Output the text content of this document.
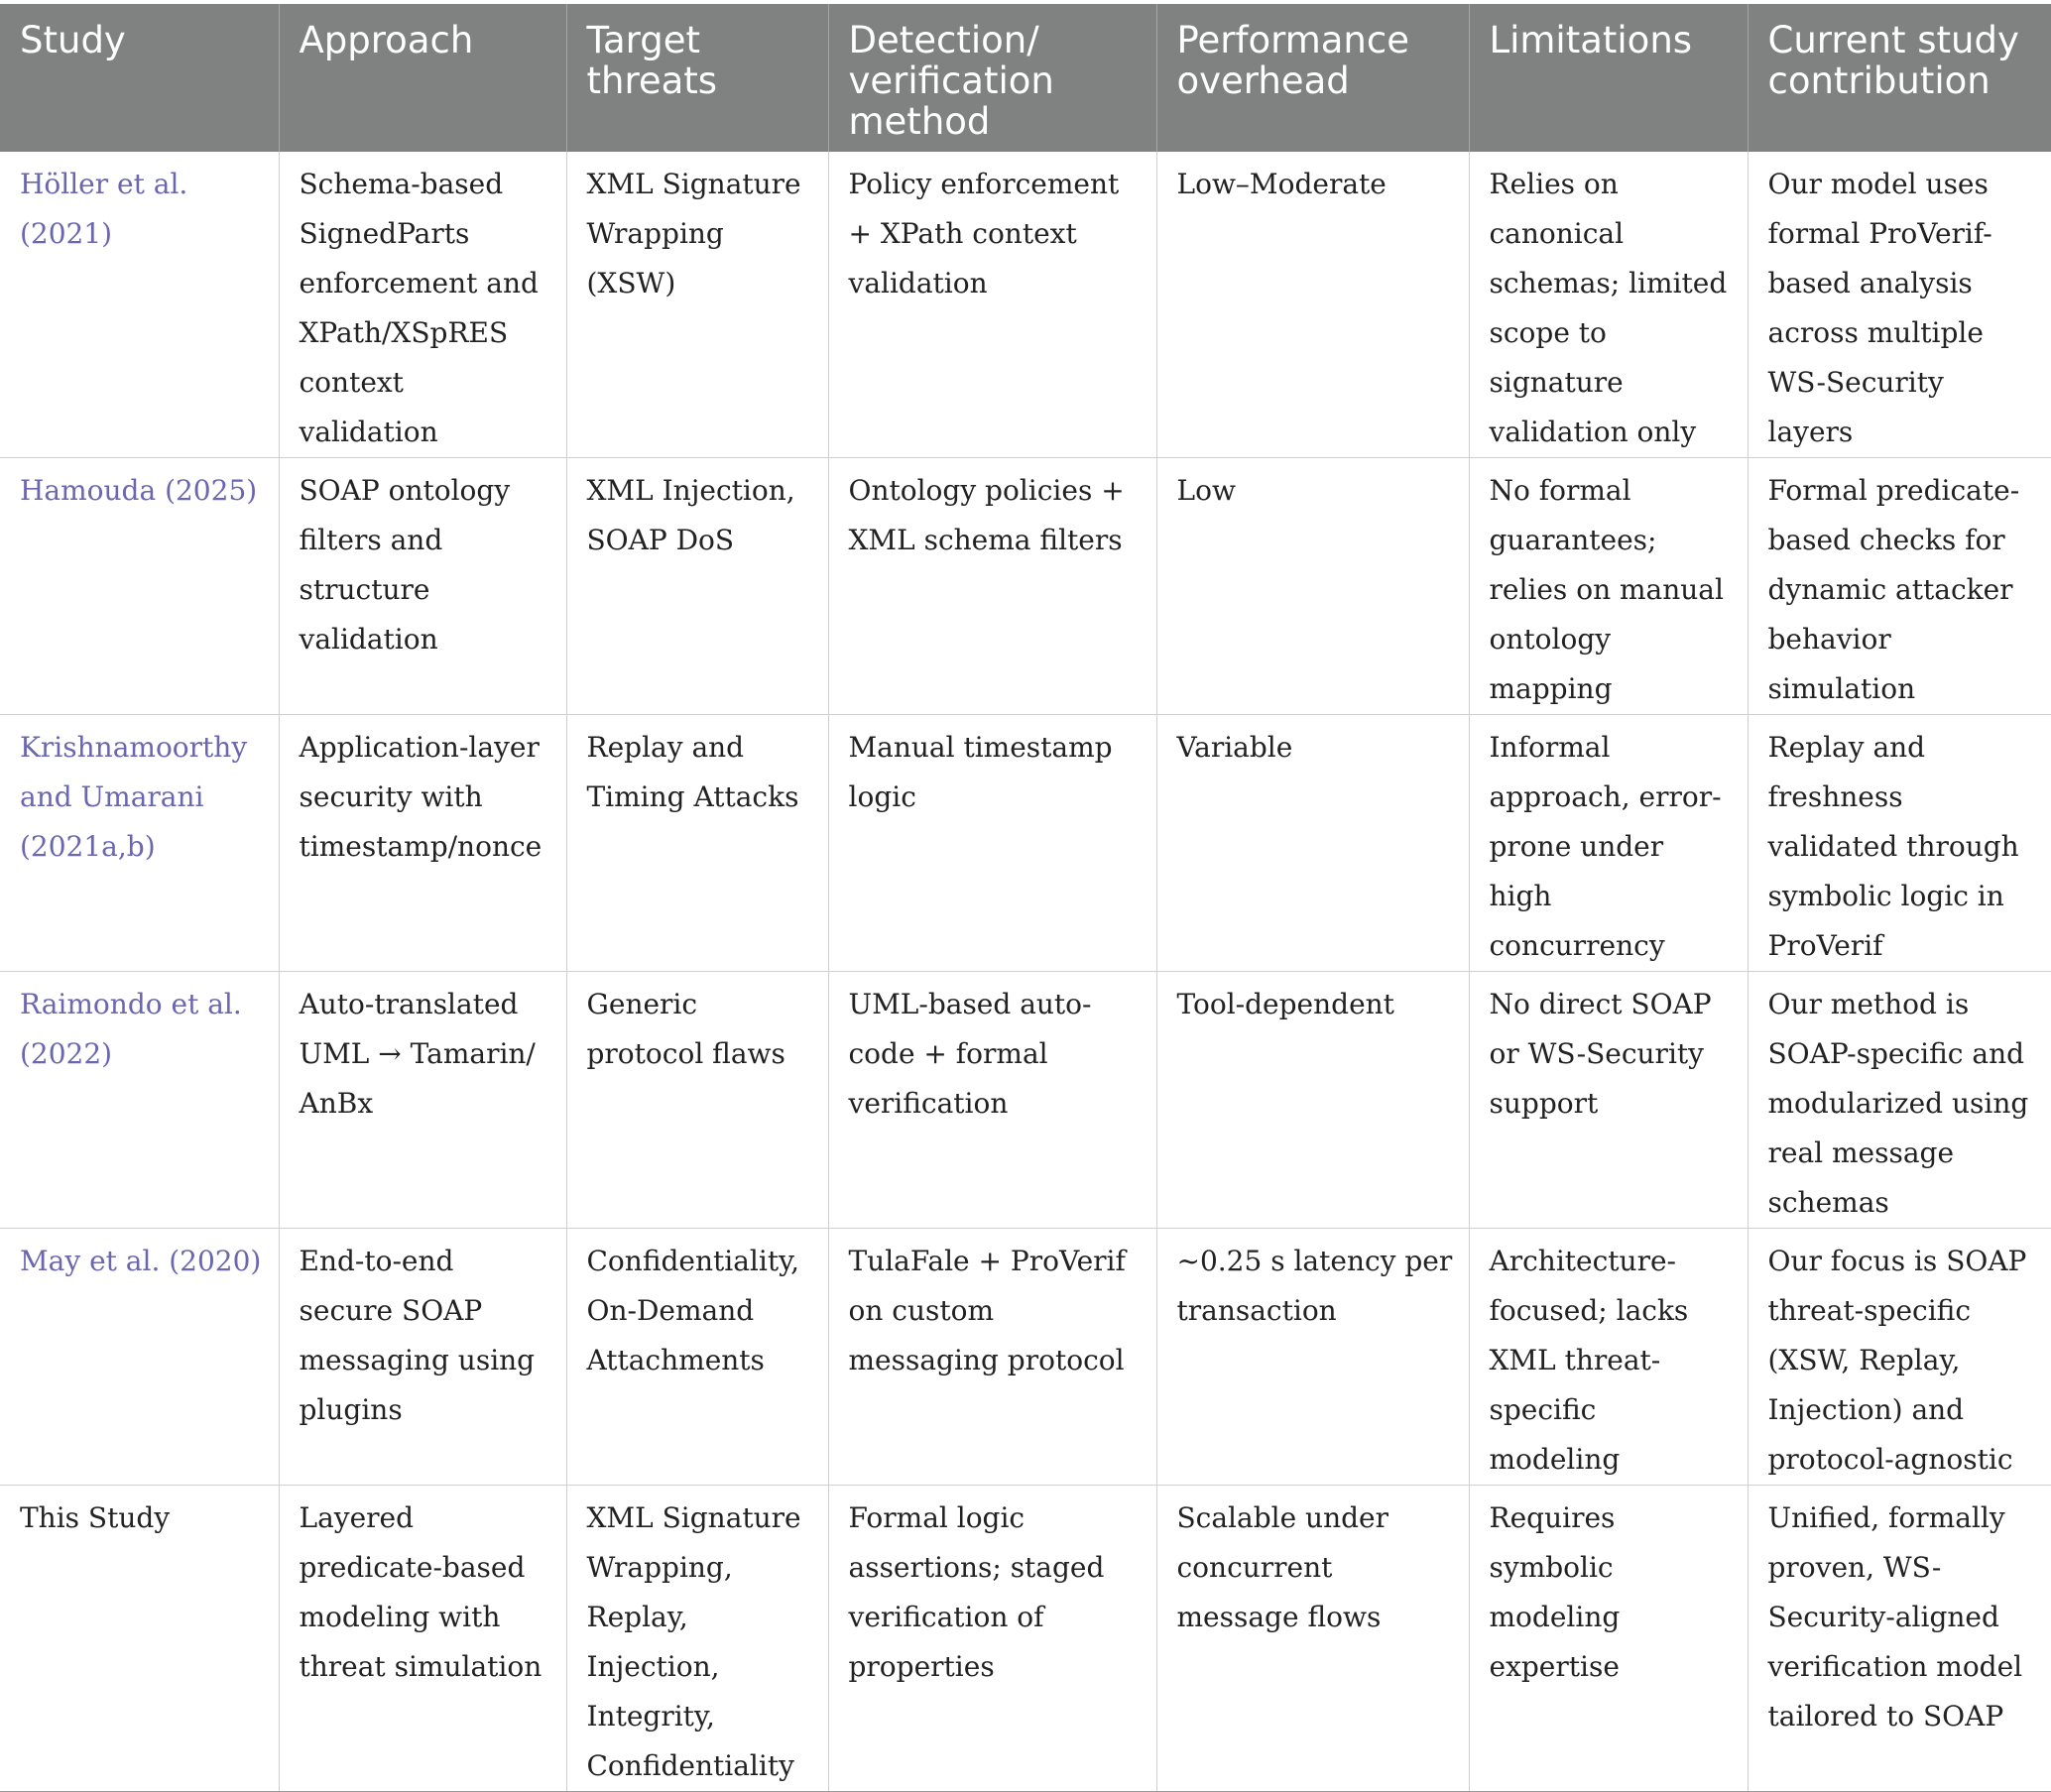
Study	Approach	Target threats	Detection/ verification method	Performance overhead	Limitations	Current study contribution
Höller et al. (2021)	Schema-based SignedParts enforcement and XPath/XSpRES context validation	XML Signature Wrapping (XSW)	Policy enforcement + XPath context validation	Low–Moderate	Relies on canonical schemas; limited scope to signature validation only	Our model uses formal ProVerif-based analysis across multiple WS-Security layers
Hamouda (2025)	SOAP ontology filters and structure validation	XML Injection, SOAP DoS	Ontology policies + XML schema filters	Low	No formal guarantees; relies on manual ontology mapping	Formal predicate-based checks for dynamic attacker behavior simulation
Krishnamoorthy and Umarani (2021a,b)	Application-layer security with timestamp/nonce	Replay and Timing Attacks	Manual timestamp logic	Variable	Informal approach, error-prone under high concurrency	Replay and freshness validated through symbolic logic in ProVerif
Raimondo et al. (2022)	Auto-translated UML → Tamarin/ AnBx	Generic protocol flaws	UML-based auto-code + formal verification	Tool-dependent	No direct SOAP or WS-Security support	Our method is SOAP-specific and modularized using real message schemas
May et al. (2020)	End-to-end secure SOAP messaging using plugins	Confidentiality, On-Demand Attachments	TulaFale + ProVerif on custom messaging protocol	~0.25 s latency per transaction	Architecture-focused; lacks XML threat-specific modeling	Our focus is SOAP threat-specific (XSW, Replay, Injection) and protocol-agnostic
This Study	Layered predicate-based modeling with threat simulation	XML Signature Wrapping, Replay, Injection, Integrity, Confidentiality	Formal logic assertions; staged verification of properties	Scalable under concurrent message flows	Requires symbolic modeling expertise	Unified, formally proven, WS-Security-aligned verification model tailored to SOAP
